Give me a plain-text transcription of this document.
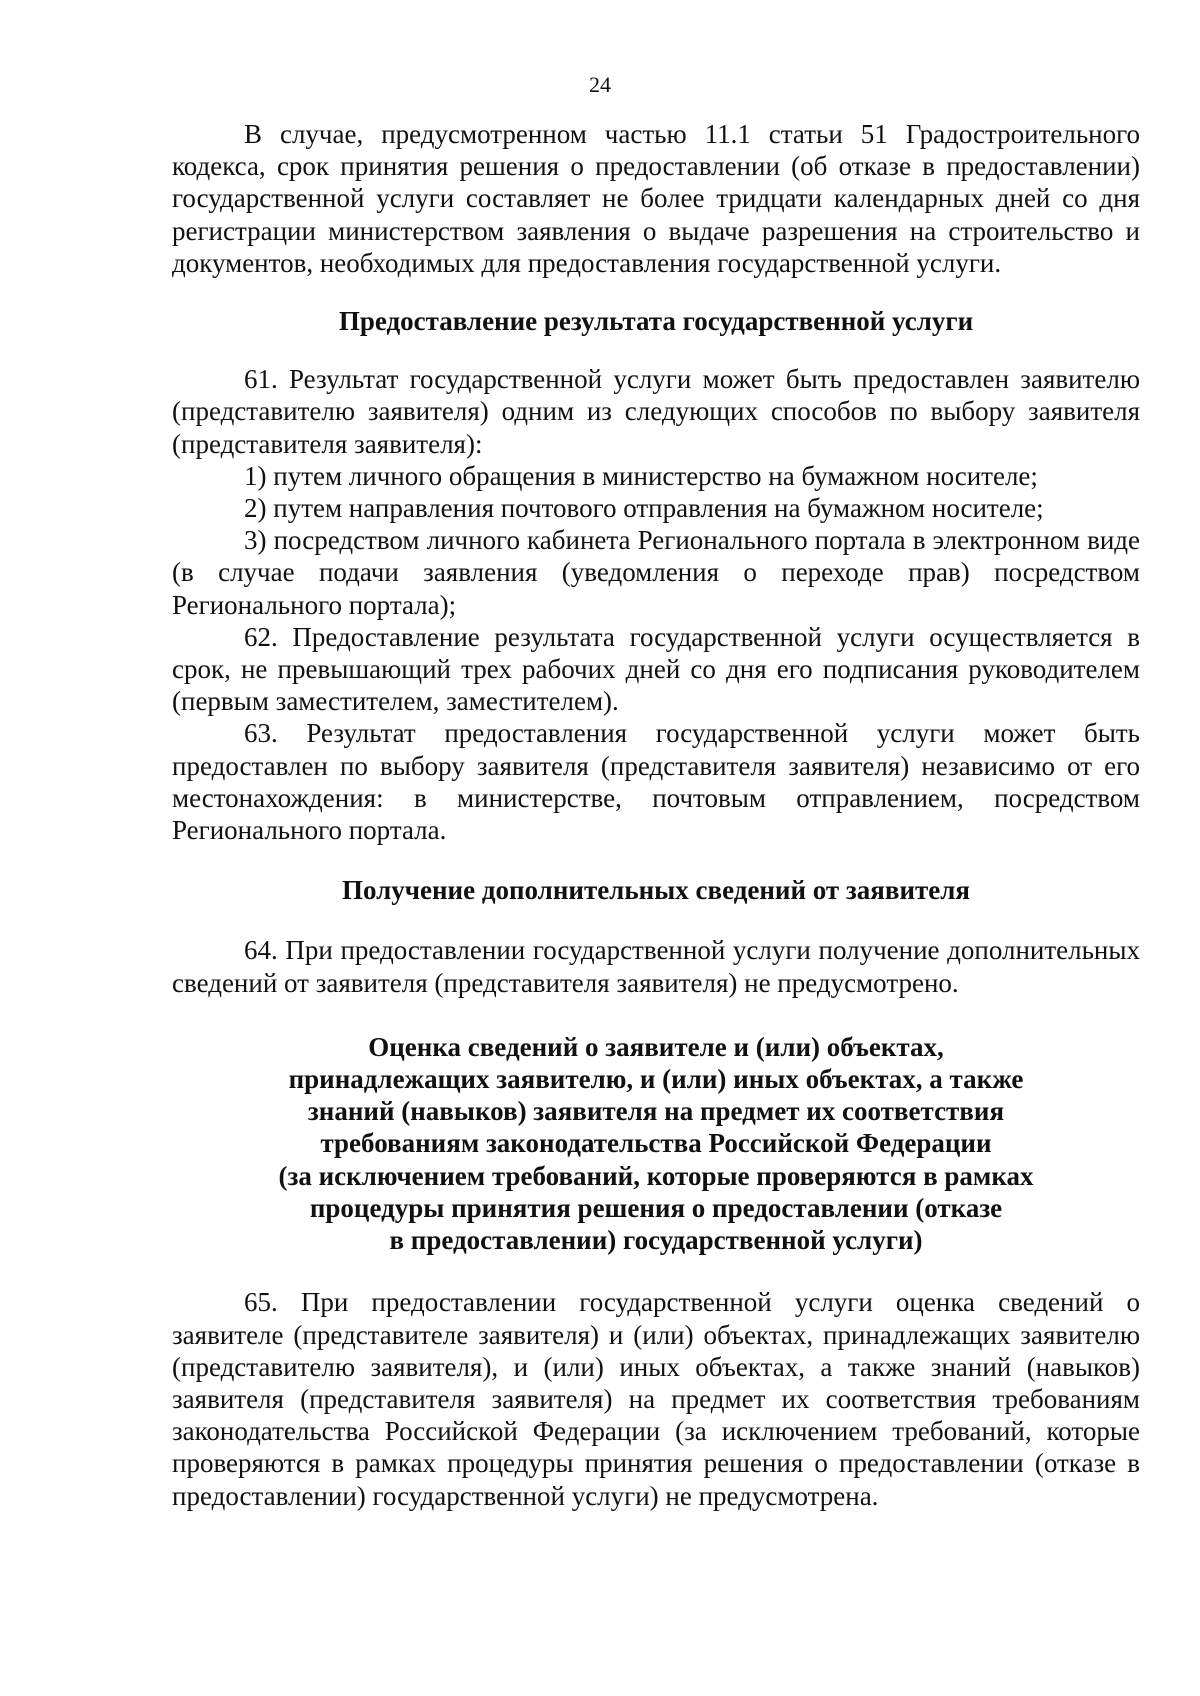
24

В случае, предусмотренном частью 11.1 статьи 51 Градостроительного кодекса, срок принятия решения о предоставлении (об отказе в предоставлении) государственной услуги составляет не более тридцати календарных дней со дня регистрации министерством заявления о выдаче разрешения на строительство и документов, необходимых для предоставления государственной услуги.

Предоставление результата государственной услуги

61. Результат государственной услуги может быть предоставлен заявителю (представителю заявителя) одним из следующих способов по выбору заявителя (представителя заявителя):

1) путем личного обращения в министерство на бумажном носителе;

2) путем направления почтового отправления на бумажном носителе;

3) посредством личного кабинета Регионального портала в электронном виде (в случае подачи заявления (уведомления о переходе прав) посредством Регионального портала);

62. Предоставление результата государственной услуги осуществляется в срок, не превышающий трех рабочих дней со дня его подписания руководителем (первым заместителем, заместителем).

63. Результат предоставления государственной услуги может быть предоставлен по выбору заявителя (представителя заявителя) независимо от его местонахождения: в министерстве, почтовым отправлением, посредством Регионального портала.

Получение дополнительных сведений от заявителя

64. При предоставлении государственной услуги получение дополнительных сведений от заявителя (представителя заявителя) не предусмотрено.

Оценка сведений о заявителе и (или) объектах,
принадлежащих заявителю, и (или) иных объектах, а также
знаний (навыков) заявителя на предмет их соответствия
требованиям законодательства Российской Федерации
(за исключением требований, которые проверяются в рамках
процедуры принятия решения о предоставлении (отказе
в предоставлении) государственной услуги)

65. При предоставлении государственной услуги оценка сведений о заявителе (представителе заявителя) и (или) объектах, принадлежащих заявителю (представителю заявителя), и (или) иных объектах, а также знаний (навыков) заявителя (представителя заявителя) на предмет их соответствия требованиям законодательства Российской Федерации (за исключением требований, которые проверяются в рамках процедуры принятия решения о предоставлении (отказе в предоставлении) государственной услуги) не предусмотрена.
